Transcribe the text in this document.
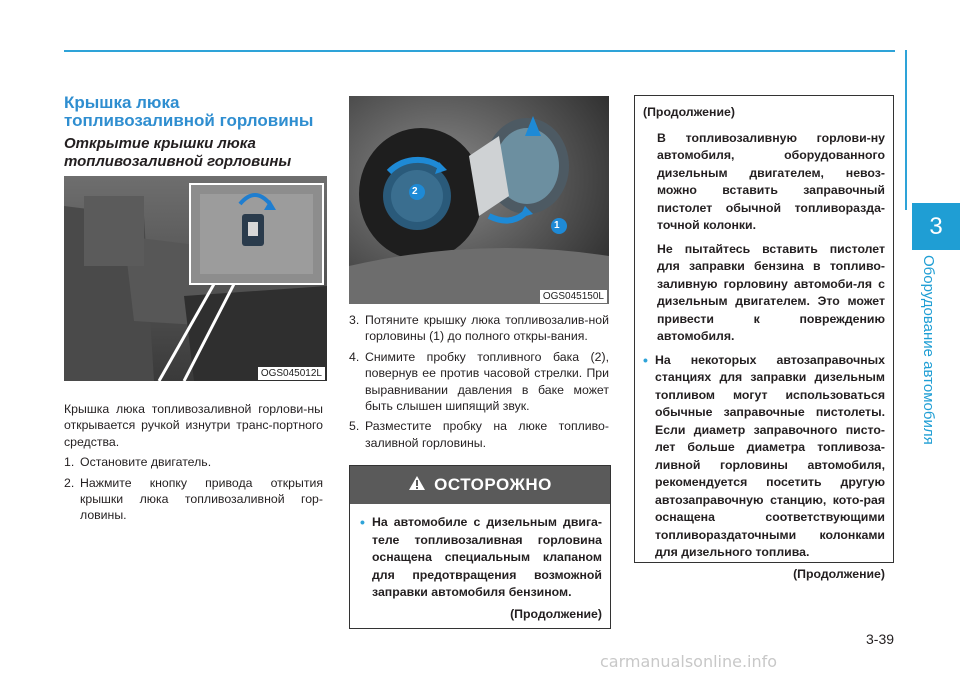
3
Оборудование автомобиля
Крышка люка топливозаливной горловины
Открытие крышки люка топливозаливной горловины
OGS045012L
1
2
OGS045150L

Крышка люка топливозаливной горлови-ны открывается ручкой изнутри транс-портного средства.

1. Остановите двигатель.
2. Нажмите кнопку привода открытия крышки люка топливозаливной гор-ловины.
3. Потяните крышку люка топливозалив-ной горловины (1) до полного откры-вания.
4. Снимите пробку топливного бака (2), повернув ее против часовой стрелки. При выравнивании давления в баке может быть слышен шипящий звук.
5. Разместите пробку на люке топливо-заливной горловины.
ОСТОРОЖНО
• На автомобиле с дизельным двига-теле топливозаливная горловина оснащена специальным клапаном для предотвращения возможной заправки автомобиля бензином.
(Продолжение)
(Продолжение)

В топливозаливную горлови-ну автомобиля, оборудованного дизельным двигателем, невоз-можно вставить заправочный пистолет обычной топливоразда-точной колонки.

Не пытайтесь вставить пистолет для заправки бензина в топливо-заливную горловину автомоби-ля с дизельным двигателем. Это может привести к повреждению автомобиля.

• На некоторых автозаправочных станциях для заправки дизельным топливом могут использоваться обычные заправочные пистолеты. Если диаметр заправочного писто-лет больше диаметра топливоза-ливной горловины автомобиля, рекомендуется посетить другую автозаправочную станцию, кото-рая оснащена соответствующими топливораздаточными колонками для дизельного топлива.
(Продолжение)
3-39
carmanualsonline.info
